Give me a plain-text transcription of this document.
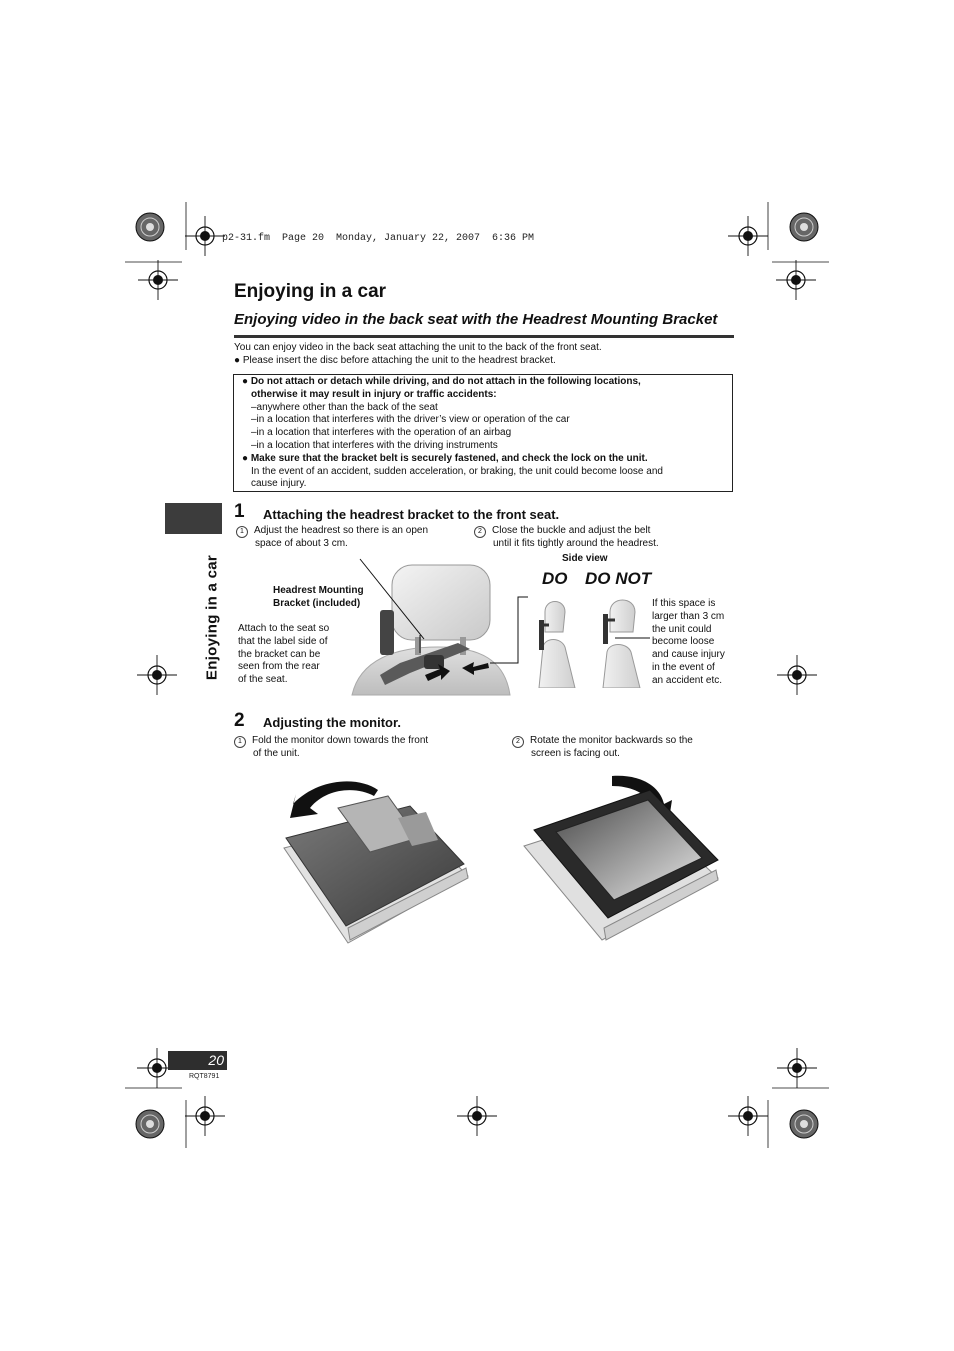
p2-31.fm  Page 20  Monday, January 22, 2007  6:36 PM
Enjoying in a car
Enjoying video in the back seat with the Headrest Mounting Bracket
You can enjoy video in the back seat attaching the unit to the back of the front seat.
● Please insert the disc before attaching the unit to the headrest bracket.
● Do not attach or detach while driving, and do not attach in the following locations,
otherwise it may result in injury or traffic accidents:
–anywhere other than the back of the seat
–in a location that interferes with the driver’s view or operation of the car
–in a location that interferes with the operation of an airbag
–in a location that interferes with the driving instruments
● Make sure that the bracket belt is securely fastened, and check the lock on the unit.
In the event of an accident, sudden acceleration, or braking, the unit could become loose and
cause injury.
Enjoying in a car
1 Attaching the headrest bracket to the front seat.
1 Adjust the headrest so there is an open
space of about 3 cm.
2 Close the buckle and adjust the belt
until it fits tightly around the headrest.
Side view
DO DO NOT
Headrest Mounting
Bracket (included)
Attach to the seat so
that the label side of
the bracket can be
seen from the rear
of the seat.
If this space is
larger than 3 cm
the unit could
become loose
and cause injury
in the event of
an accident etc.
2 Adjusting the monitor.
1 Fold the monitor down towards the front
of the unit.
2 Rotate the monitor backwards so the
screen is facing out.
20
RQT8791
